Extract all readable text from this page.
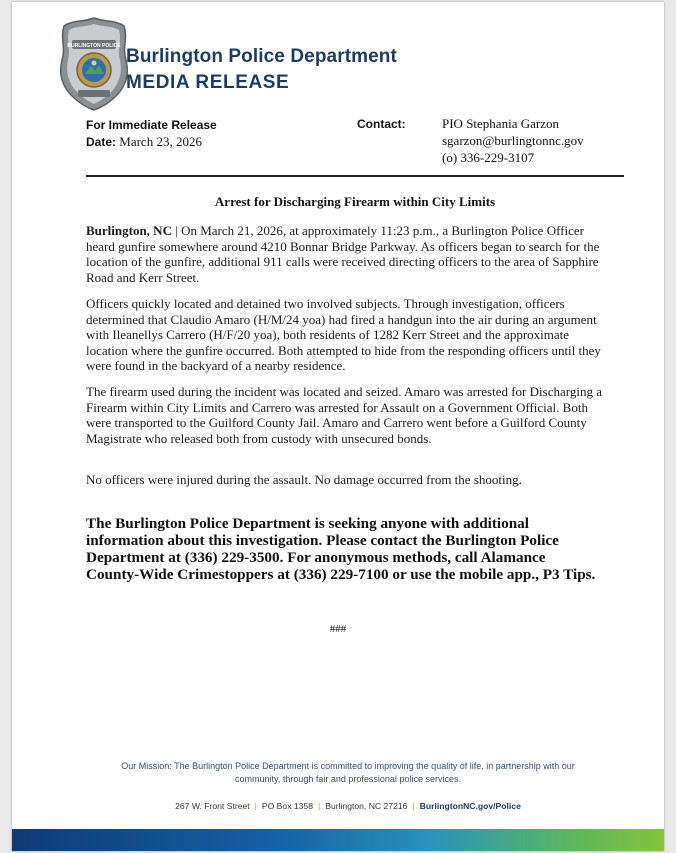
BURLINGTON POLICE Burlington Police Department
MEDIA RELEASE
For Immediate Release
Date: March 23, 2026
Contact:	PIO Stephania Garzon
sgarzon@burlingtonnc.gov
(o) 336-229-3107
Arrest for Discharging Firearm within City Limits
Burlington, NC | On March 21, 2026, at approximately 11:23 p.m., a Burlington Police Officer heard gunfire somewhere around 4210 Bonnar Bridge Parkway. As officers began to search for the location of the gunfire, additional 911 calls were received directing officers to the area of Sapphire Road and Kerr Street.
Officers quickly located and detained two involved subjects. Through investigation, officers determined that Claudio Amaro (H/M/24 yoa) had fired a handgun into the air during an argument with Ileanellys Carrero (H/F/20 yoa), both residents of 1282 Kerr Street and the approximate location where the gunfire occurred. Both attempted to hide from the responding officers until they were found in the backyard of a nearby residence.
The firearm used during the incident was located and seized. Amaro was arrested for Discharging a Firearm within City Limits and Carrero was arrested for Assault on a Government Official. Both were transported to the Guilford County Jail. Amaro and Carrero went before a Guilford County Magistrate who released both from custody with unsecured bonds.
No officers were injured during the assault. No damage occurred from the shooting.
The Burlington Police Department is seeking anyone with additional information about this investigation. Please contact the Burlington Police Department at (336) 229-3500. For anonymous methods, call Alamance County-Wide Crimestoppers at (336) 229-7100 or use the mobile app., P3 Tips.
###
Our Mission: The Burlington Police Department is committed to improving the quality of life, in partnership with our community, through fair and professional police services.
267 W. Front Street | PO Box 1358 | Burlington, NC 27216 | BurlingtonNC.gov/Police
